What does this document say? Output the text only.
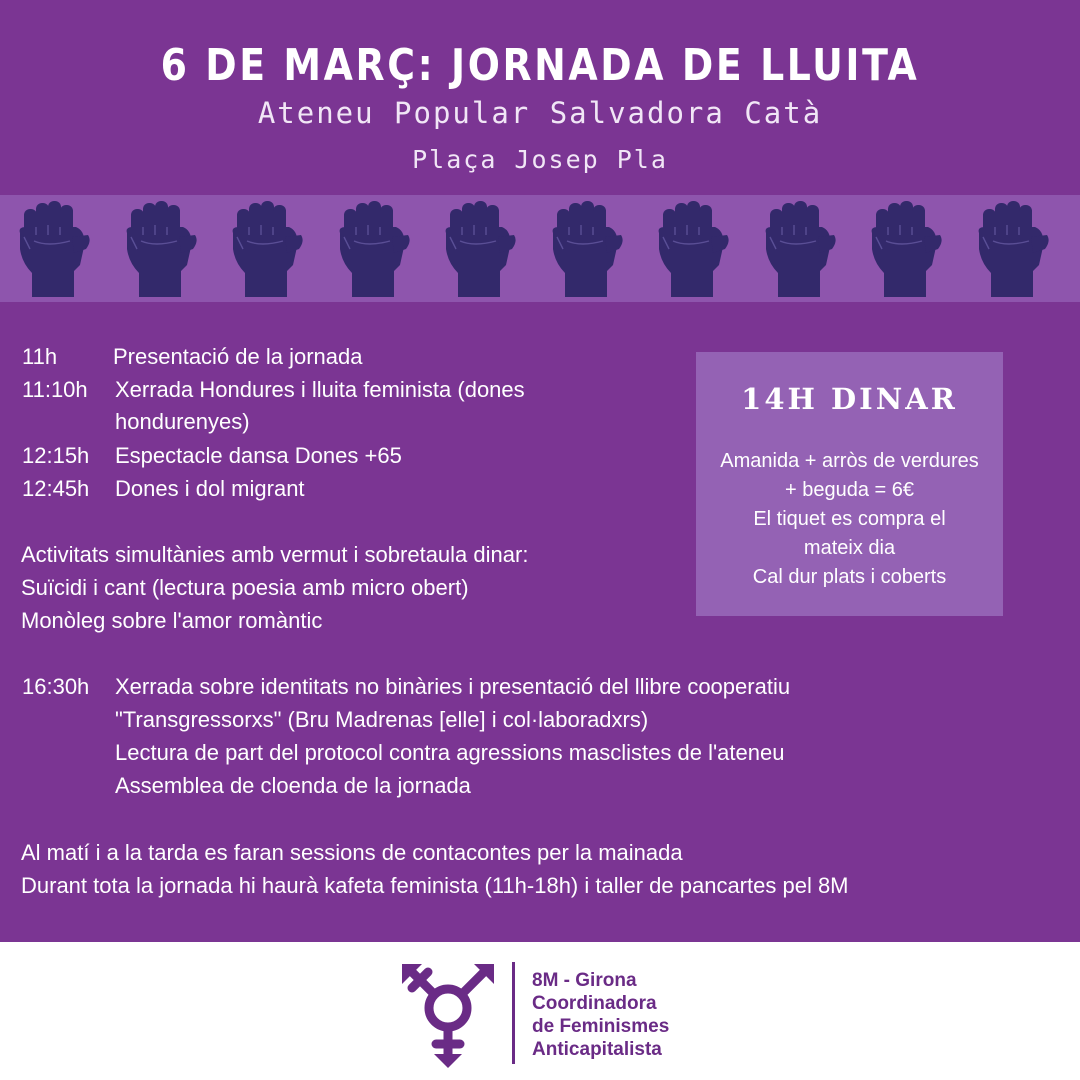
6 DE MARÇ: JORNADA DE LLUITA
Ateneu Popular Salvadora Catà
Plaça Josep Pla
11h	Presentació de la jornada
11:10h Xerrada Hondures i lluita feminista (dones
hondurenyes)
12:15h Espectacle dansa Dones +65
12:45h Dones i dol migrant
Activitats simultànies amb vermut i sobretaula dinar:
Suïcidi i cant (lectura poesia amb micro obert)
Monòleg sobre l'amor romàntic
16:30h Xerrada sobre identitats no binàries i presentació del llibre cooperatiu
"Transgressorxs" (Bru Madrenas [elle] i col·laboradxrs)
Lectura de part del protocol contra agressions masclistes de l'ateneu
Assemblea de cloenda de la jornada
Al matí i a la tarda es faran sessions de contacontes per la mainada
Durant tota la jornada hi haurà kafeta feminista (11h-18h) i taller de pancartes pel 8M
14H DINAR
Amanida + arròs de verdures
+ beguda = 6€
El tiquet es compra el
mateix dia
Cal dur plats i coberts
8M - Girona
Coordinadora
de Feminismes
Anticapitalista
